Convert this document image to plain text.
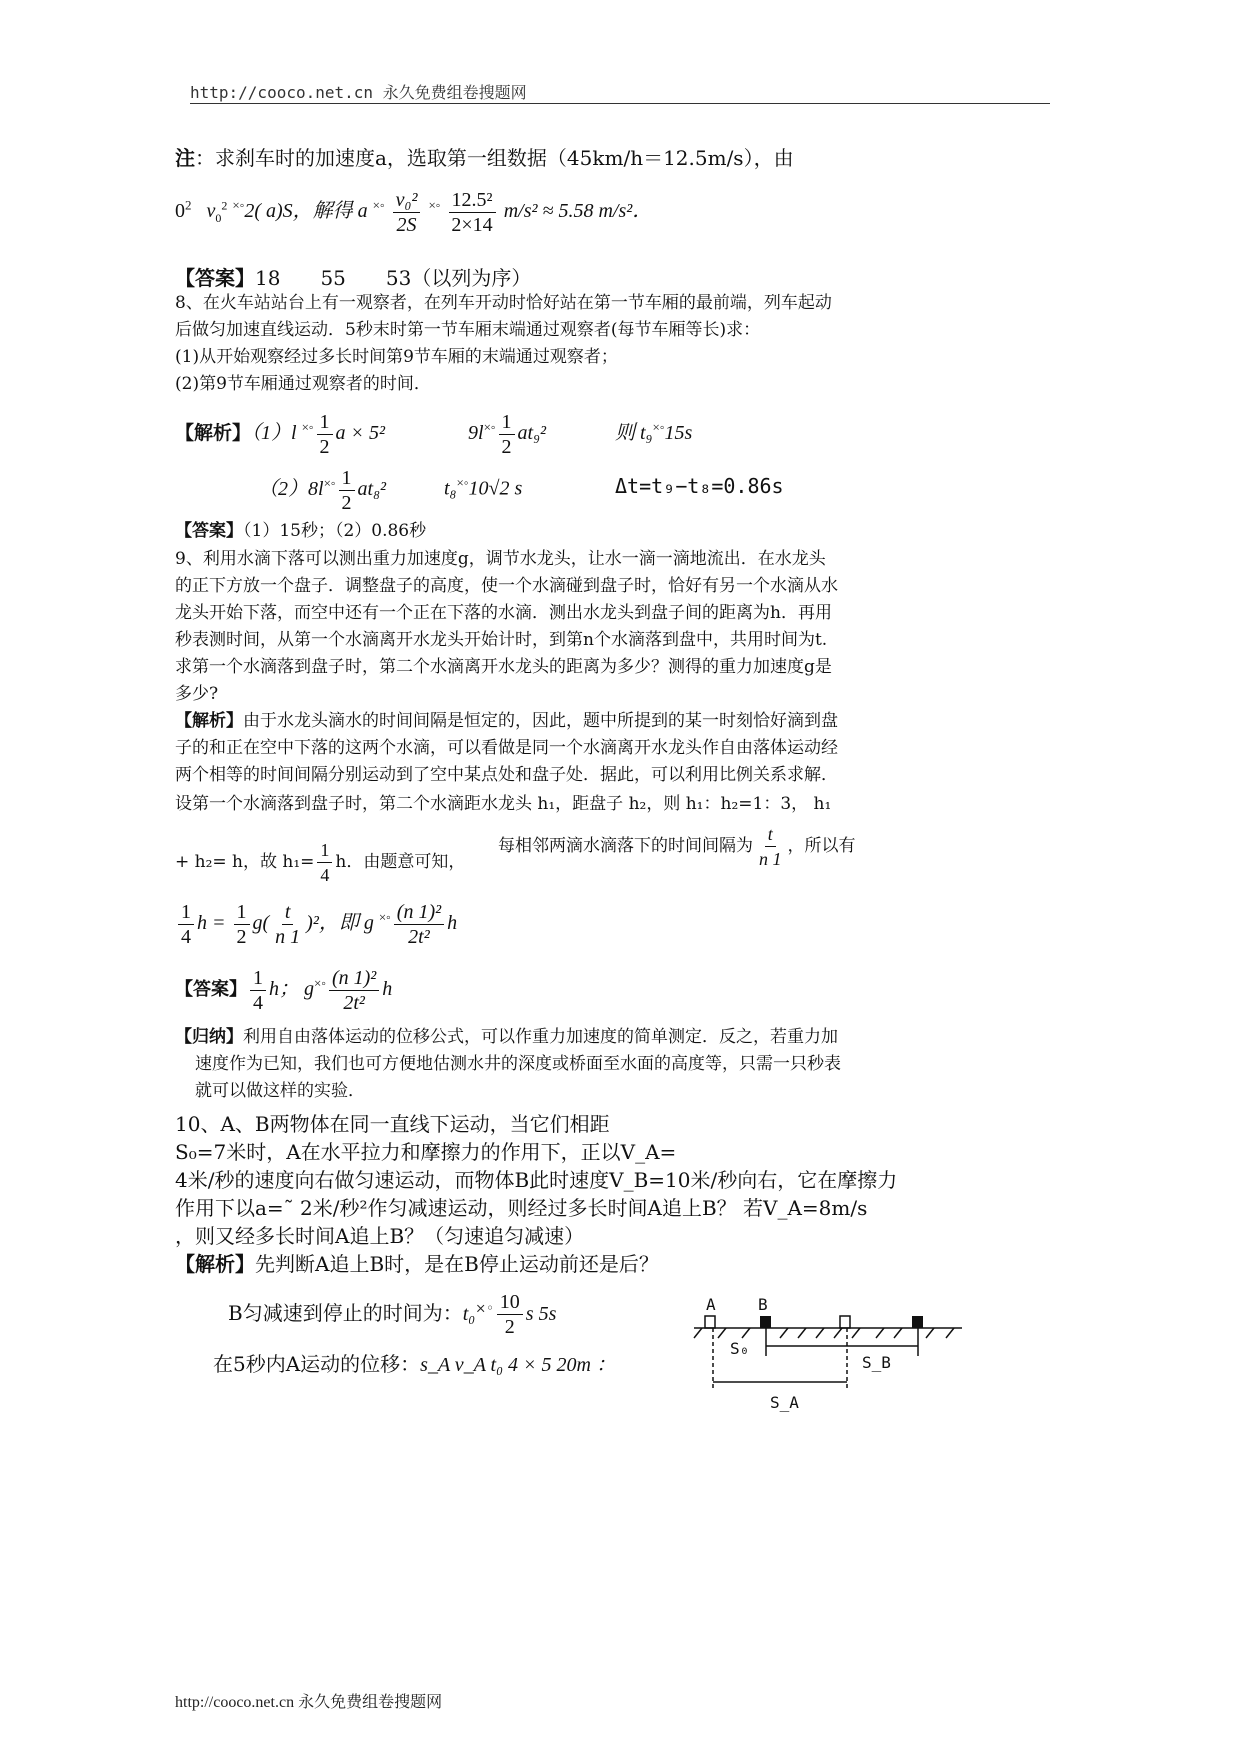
http://cooco.net.cn 永久免费组卷搜题网
注：求刹车时的加速度a，选取第一组数据（45km/h＝12.5m/s），由
$0^2$ $v_0^2$ ×◦2( a)S，解得 a $^{\times◦} \frac{\text{v₀²}}{2S} ^{\times◦} \frac{\text{12.5²}}{2\times 14} m/s^2 \approx 5.58$ m/s²．
【答案】18　　55　　53（以列为序）
8、在火车站站台上有一观察者，在列车开动时恰好站在第一节车厢的最前端，列车起动
后做匀加速直线运动．5秒末时第一节车厢末端通过观察者(每节车厢等长)求：
(1)从开始观察经过多长时间第9节车厢的末端通过观察者；
(2)第9节车厢通过观察者的时间．
【解析】（1）l $^{\times◦} \frac{1}{2}$ a × 5²	$9l^{\times◦} \frac{1}{2} at_9^2$	则 t₉×◦15s
$(2)8l^{\times◦} \frac{1}{2} at_8^2$	t₈×◦10√2 s	Δt=t₉−t₈=0.86s
【答案】（1）15秒；（2）0.86秒
9、利用水滴下落可以测出重力加速度g，调节水龙头，让水一滴一滴地流出．在水龙头
的正下方放一个盘子．调整盘子的高度，使一个水滴碰到盘子时，恰好有另一个水滴从水
龙头开始下落，而空中还有一个正在下落的水滴．测出水龙头到盘子间的距离为h．再用
秒表测时间，从第一个水滴离开水龙头开始计时，到第n个水滴落到盘中，共用时间为t.
求第一个水滴落到盘子时，第二个水滴离开水龙头的距离为多少？测得的重力加速度g是
多少?
【解析】由于水龙头滴水的时间间隔是恒定的，因此，题中所提到的某一时刻恰好滴到盘
子的和正在空中下落的这两个水滴，可以看做是同一个水滴离开水龙头作自由落体运动经
两个相等的时间间隔分别运动到了空中某点处和盘子处．据此，可以利用比例关系求解．
设第一个水滴落到盘子时，第二个水滴距水龙头 h₁，距盘子 h₂，则 h₁：h₂=1：3， h₁
+ h₂= h，故 $h_1= \frac{1}{4}$ h．由题意可知，
每相邻两滴水滴落下的时间间隔为 $\frac{t}{n 1}$ ，所以有
$\frac{1}{4}$ $h = \frac{1}{2} g( \frac{t}{n 1} )^2$，即 g $^{\times◦} \frac{\text{(n 1)²}}{\text{2t²}}$ h
【答案】 $\frac{1}{4}$ h； $g^{\times◦} \frac{\text{(n 1)²}}{\text{2t²}}$ h
【归纳】利用自由落体运动的位移公式，可以作重力加速度的简单测定．反之，若重力加
速度作为已知，我们也可方便地估测水井的深度或桥面至水面的高度等，只需一只秒表
就可以做这样的实验．
10、A、B两物体在同一直线下运动，当它们相距
S₀=7米时，A在水平拉力和摩擦力的作用下，正以V_A=
4米/秒的速度向右做匀速运动，而物体B此时速度V_B=10米/秒向右，它在摩擦力
作用下以a=˜ 2米/秒²作匀减速运动，则经过多长时间A追上B？ 若V_A=8m/s
，则又经多长时间A追上B？（匀速追匀减速）
【解析】先判断A追上B时，是在B停止运动前还是后？
B匀减速到停止的时间为：$t_0^{\times◦} \frac{10}{2}$ s 5s
在5秒内A运动的位移：s_A v_A t₀ 4 × 5 20m ：
A	B
S₀
S_B
S_A
http://cooco.net.cn 永久免费组卷搜题网
